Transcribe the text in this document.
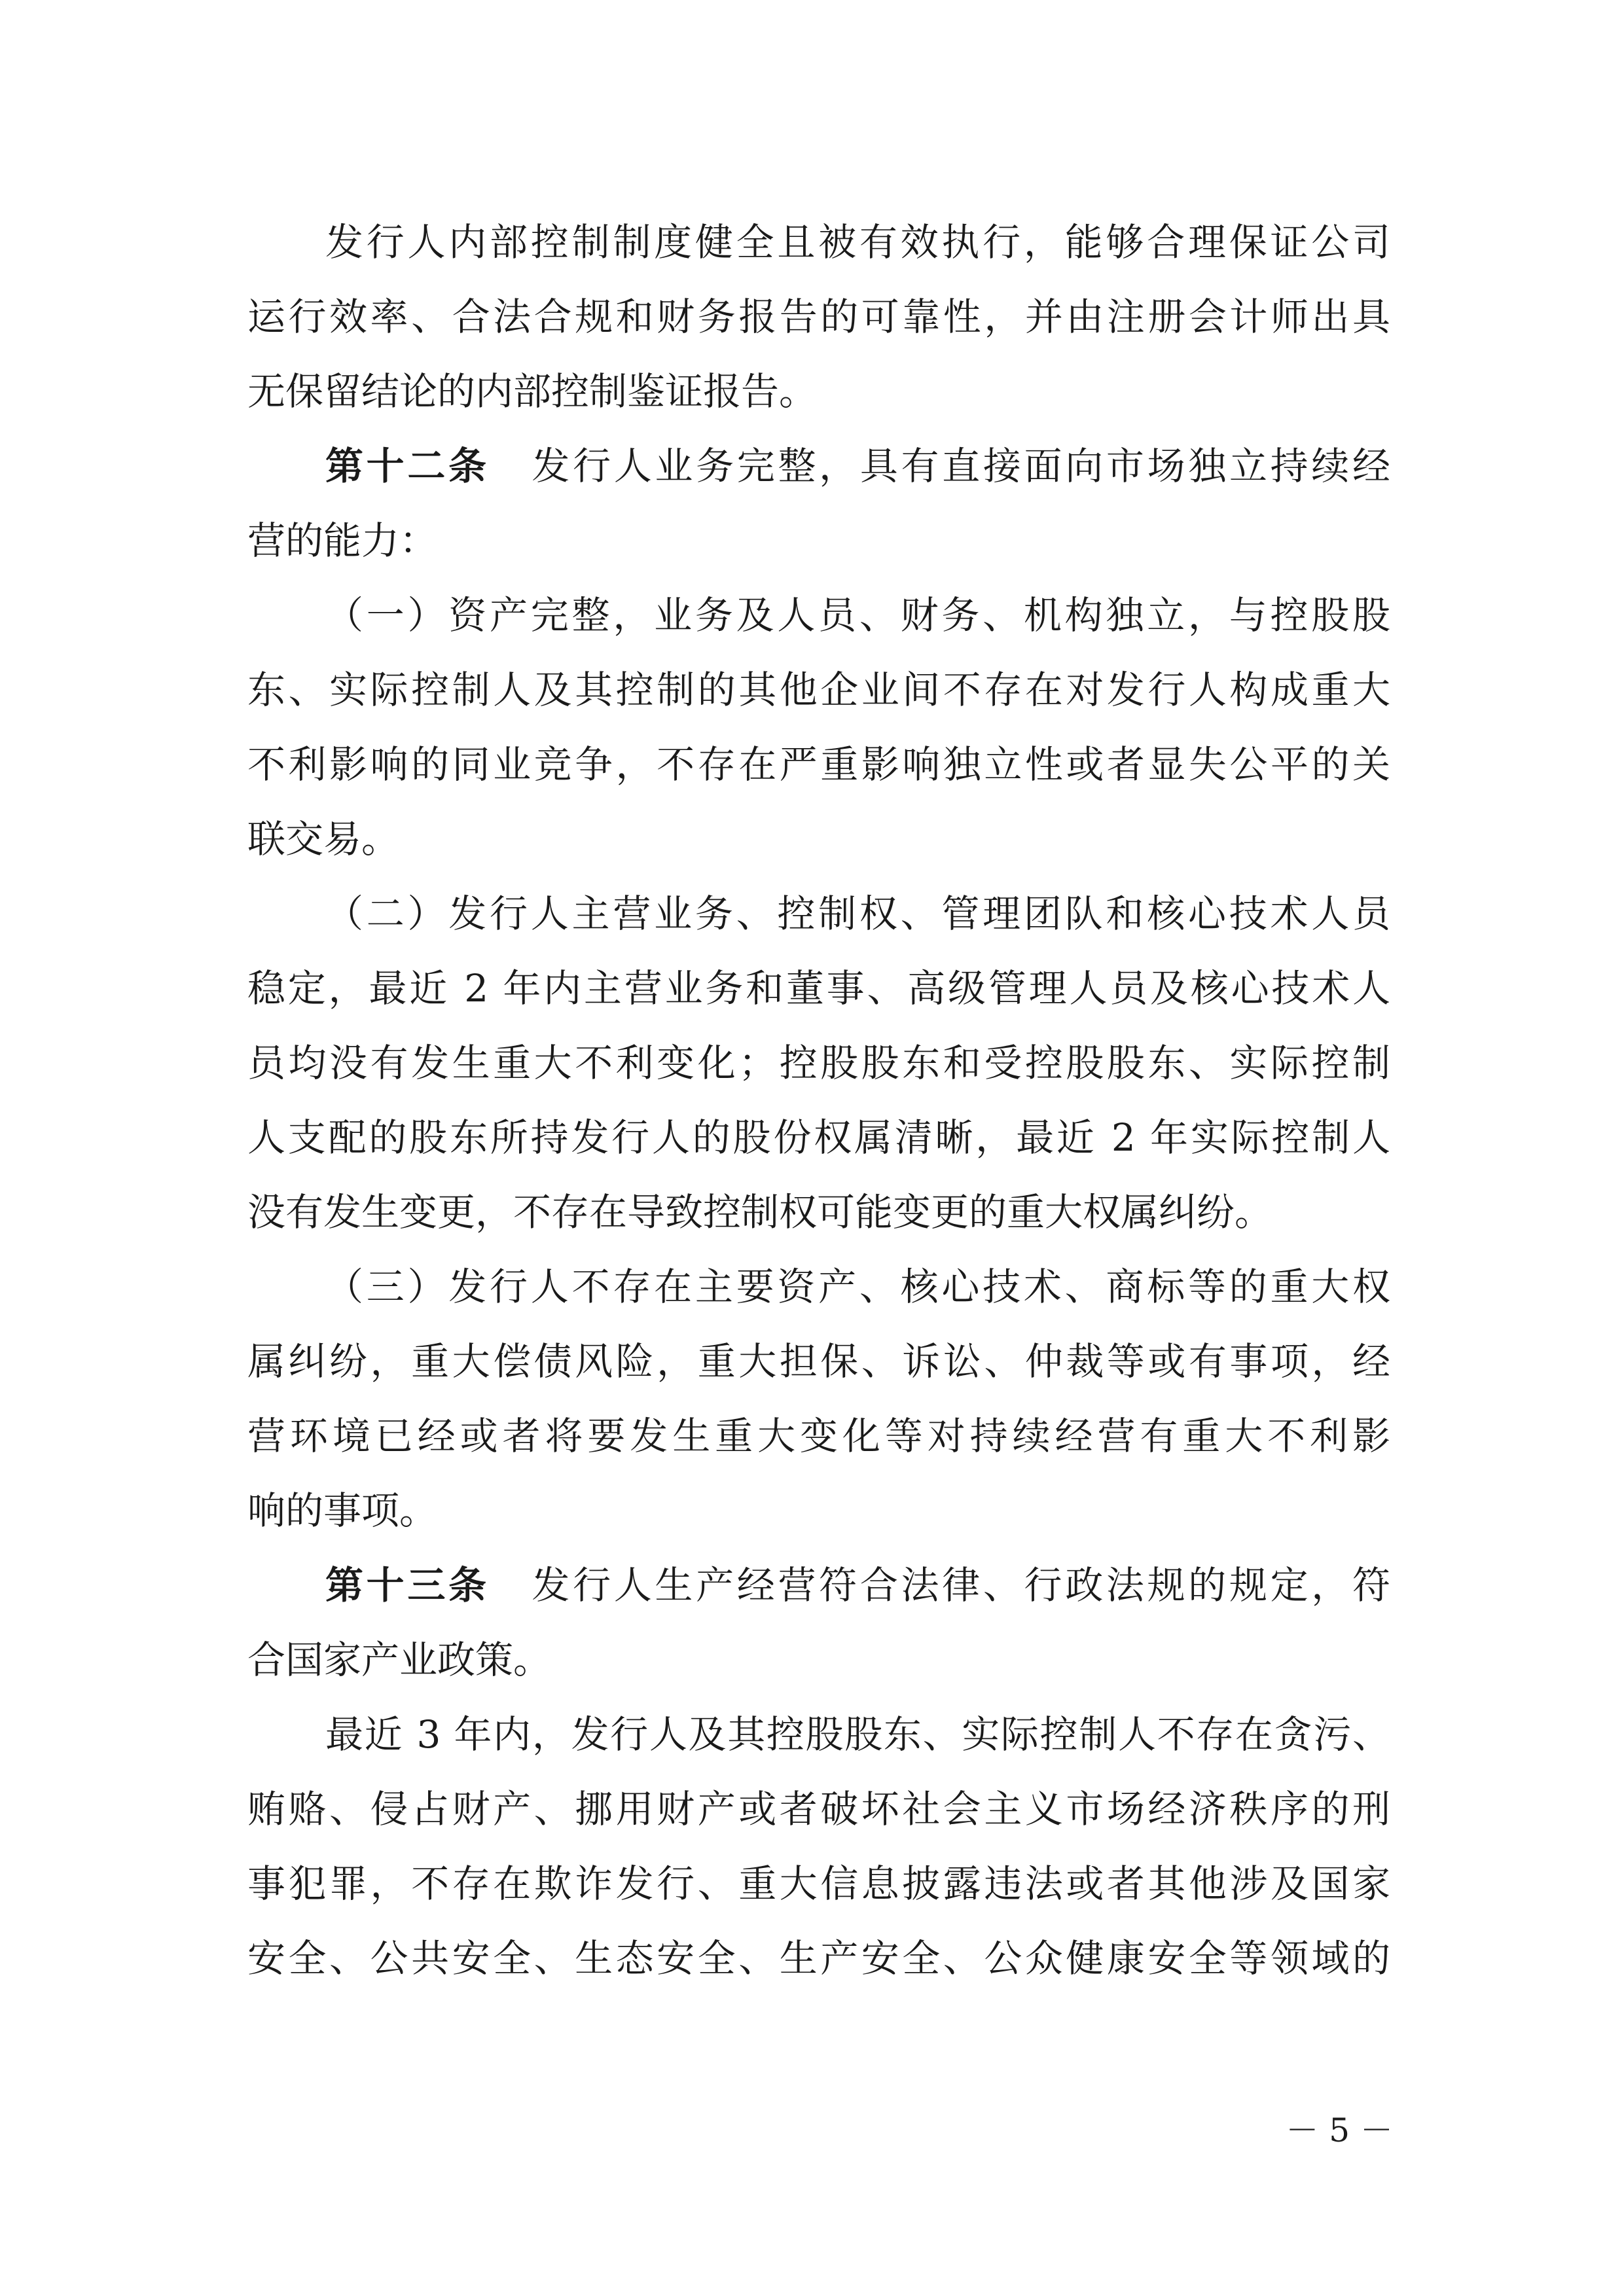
发行人内部控制制度健全且被有效执行，能够合理保证公司
运行效率、合法合规和财务报告的可靠性，并由注册会计师出具
无保留结论的内部控制鉴证报告。
第十二条 发行人业务完整，具有直接面向市场独立持续经
营的能力：
（一）资产完整，业务及人员、财务、机构独立，与控股股
东、实际控制人及其控制的其他企业间不存在对发行人构成重大
不利影响的同业竞争，不存在严重影响独立性或者显失公平的关
联交易。
（二）发行人主营业务、控制权、管理团队和核心技术人员
稳定，最近 2 年内主营业务和董事、高级管理人员及核心技术人
员均没有发生重大不利变化；控股股东和受控股股东、实际控制
人支配的股东所持发行人的股份权属清晰，最近 2 年实际控制人
没有发生变更，不存在导致控制权可能变更的重大权属纠纷。
（三）发行人不存在主要资产、核心技术、商标等的重大权
属纠纷，重大偿债风险，重大担保、诉讼、仲裁等或有事项，经
营环境已经或者将要发生重大变化等对持续经营有重大不利影
响的事项。
第十三条 发行人生产经营符合法律、行政法规的规定，符
合国家产业政策。
最近 3 年内，发行人及其控股股东、实际控制人不存在贪污、
贿赂、侵占财产、挪用财产或者破坏社会主义市场经济秩序的刑
事犯罪，不存在欺诈发行、重大信息披露违法或者其他涉及国家
安全、公共安全、生态安全、生产安全、公众健康安全等领域的
－ 5 －
